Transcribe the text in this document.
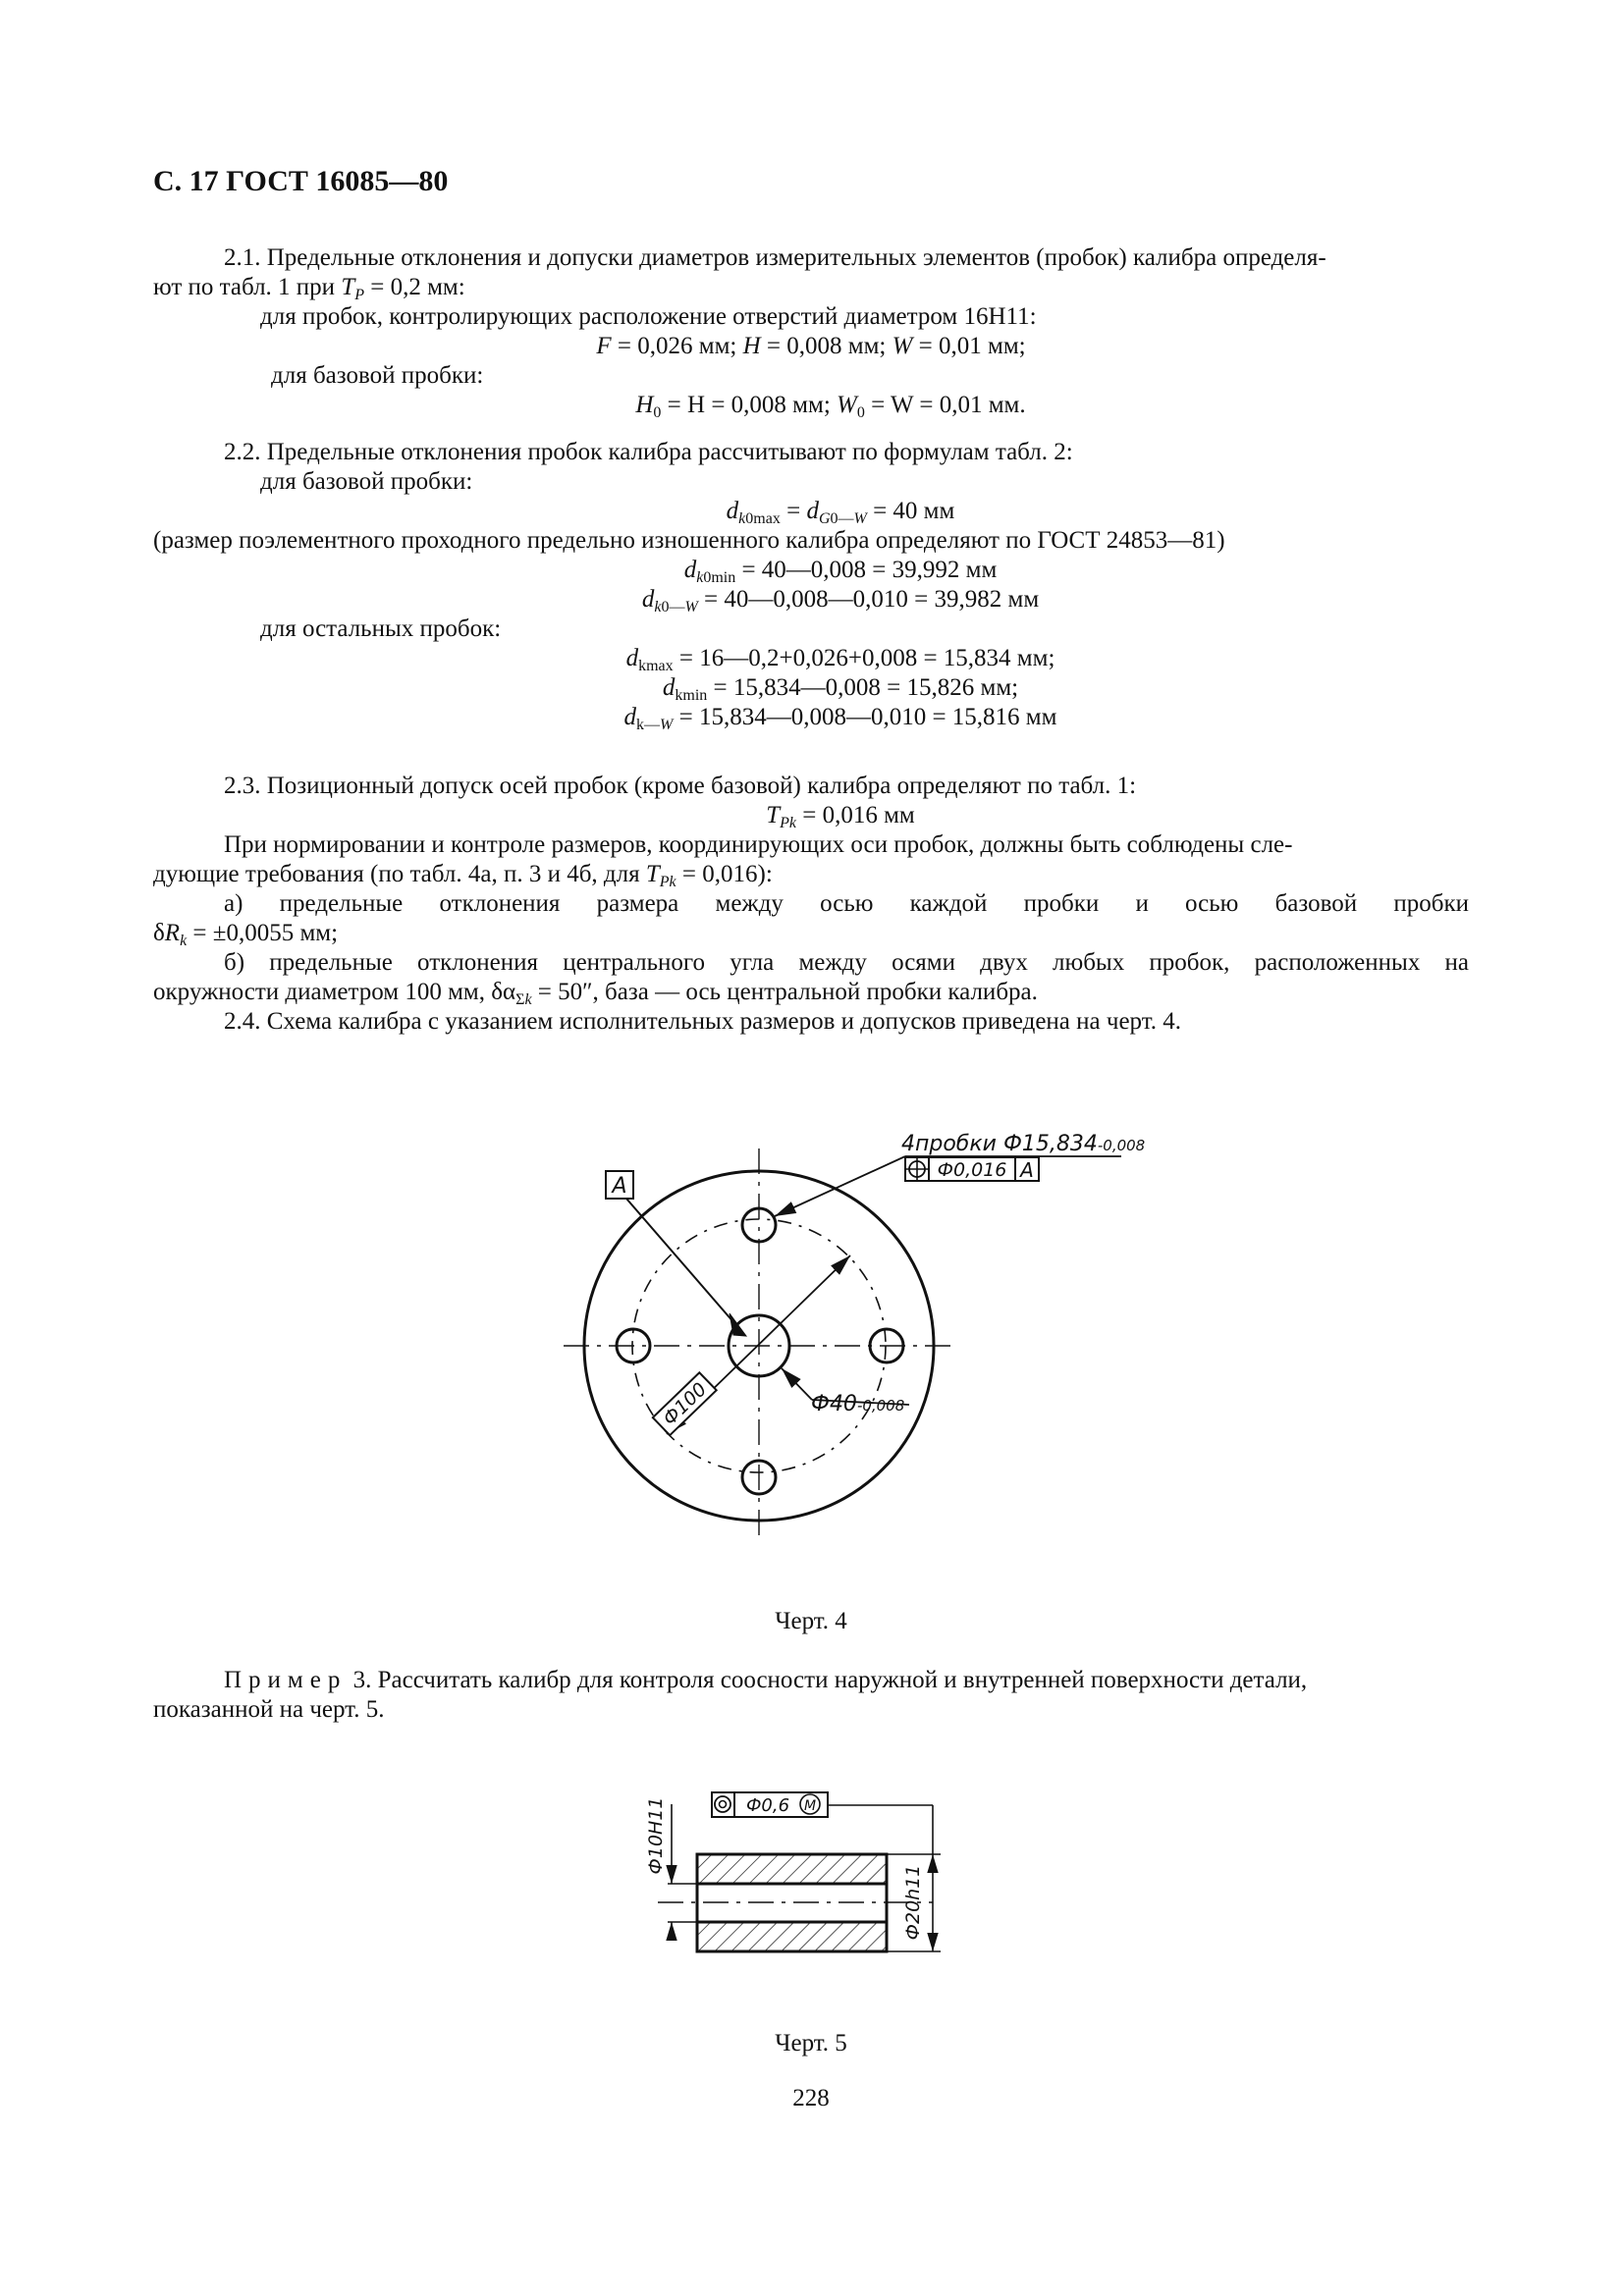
С. 17 ГОСТ 16085—80

2.1. Предельные отклонения и допуски диаметров измерительных элементов (пробок) калибра определя-

ют по табл. 1 при $T_P = 0,2$ мм:

для пробок, контролирующих расположение отверстий диаметром 16Н11:

F = 0,026 мм; H = 0,008 мм; W = 0,01 мм;

для базовой пробки:

$H_0 = H = 0,008$ мм; $W_0 = W = 0,01$ мм.

2.2. Предельные отклонения пробок калибра рассчитывают по формулам табл. 2:

для базовой пробки:

$d_{k0max} = d_{G0—W} = 40$ мм

(размер поэлементного проходного предельно изношенного калибра определяют по ГОСТ 24853—81)

$d_{k0min}$ = 40—0,008 = 39,992 мм

$d_{k0—W}$ = 40—0,008—0,010 = 39,982 мм

для остальных пробок:

$d_{kmax}$ = 16—0,2+0,026+0,008 = 15,834 мм;

$d_{kmin}$ = 15,834—0,008 = 15,826 мм;

$d_{k—W}$ = 15,834—0,008—0,010 = 15,816 мм

2.3. Позиционный допуск осей пробок (кроме базовой) калибра определяют по табл. 1:

$T_{Pk} = 0,016$ мм

При нормировании и контроле размеров, координирующих оси пробок, должны быть соблюдены сле-

дующие требования (по табл. 4а, п. 3 и 4б, для $T_{Pk} = 0,016$):

а) предельные отклонения размера между осью каждой пробки и осью базовой пробки

$\delta R_k = \pm 0,0055$ мм;

б) предельные отклонения центрального угла между осями двух любых пробок, расположенных на

окружности диаметром 100 мм, $\delta\alpha_{\Sigma k} = 50''$, база — ось центральной пробки калибра.

2.4. Схема калибра с указанием исполнительных размеров и допусков приведена на черт. 4.

А
4пробки Ф15,834-0,008
Ф0,016 А
Ф100	Ф40-0,008
Ф0,6 М
Ф10Н11
Ф20h11
Черт. 4

Пример 3. Рассчитать калибр для контроля соосности наружной и внутренней поверхности детали,

показанной на черт. 5.

Черт. 5
228
